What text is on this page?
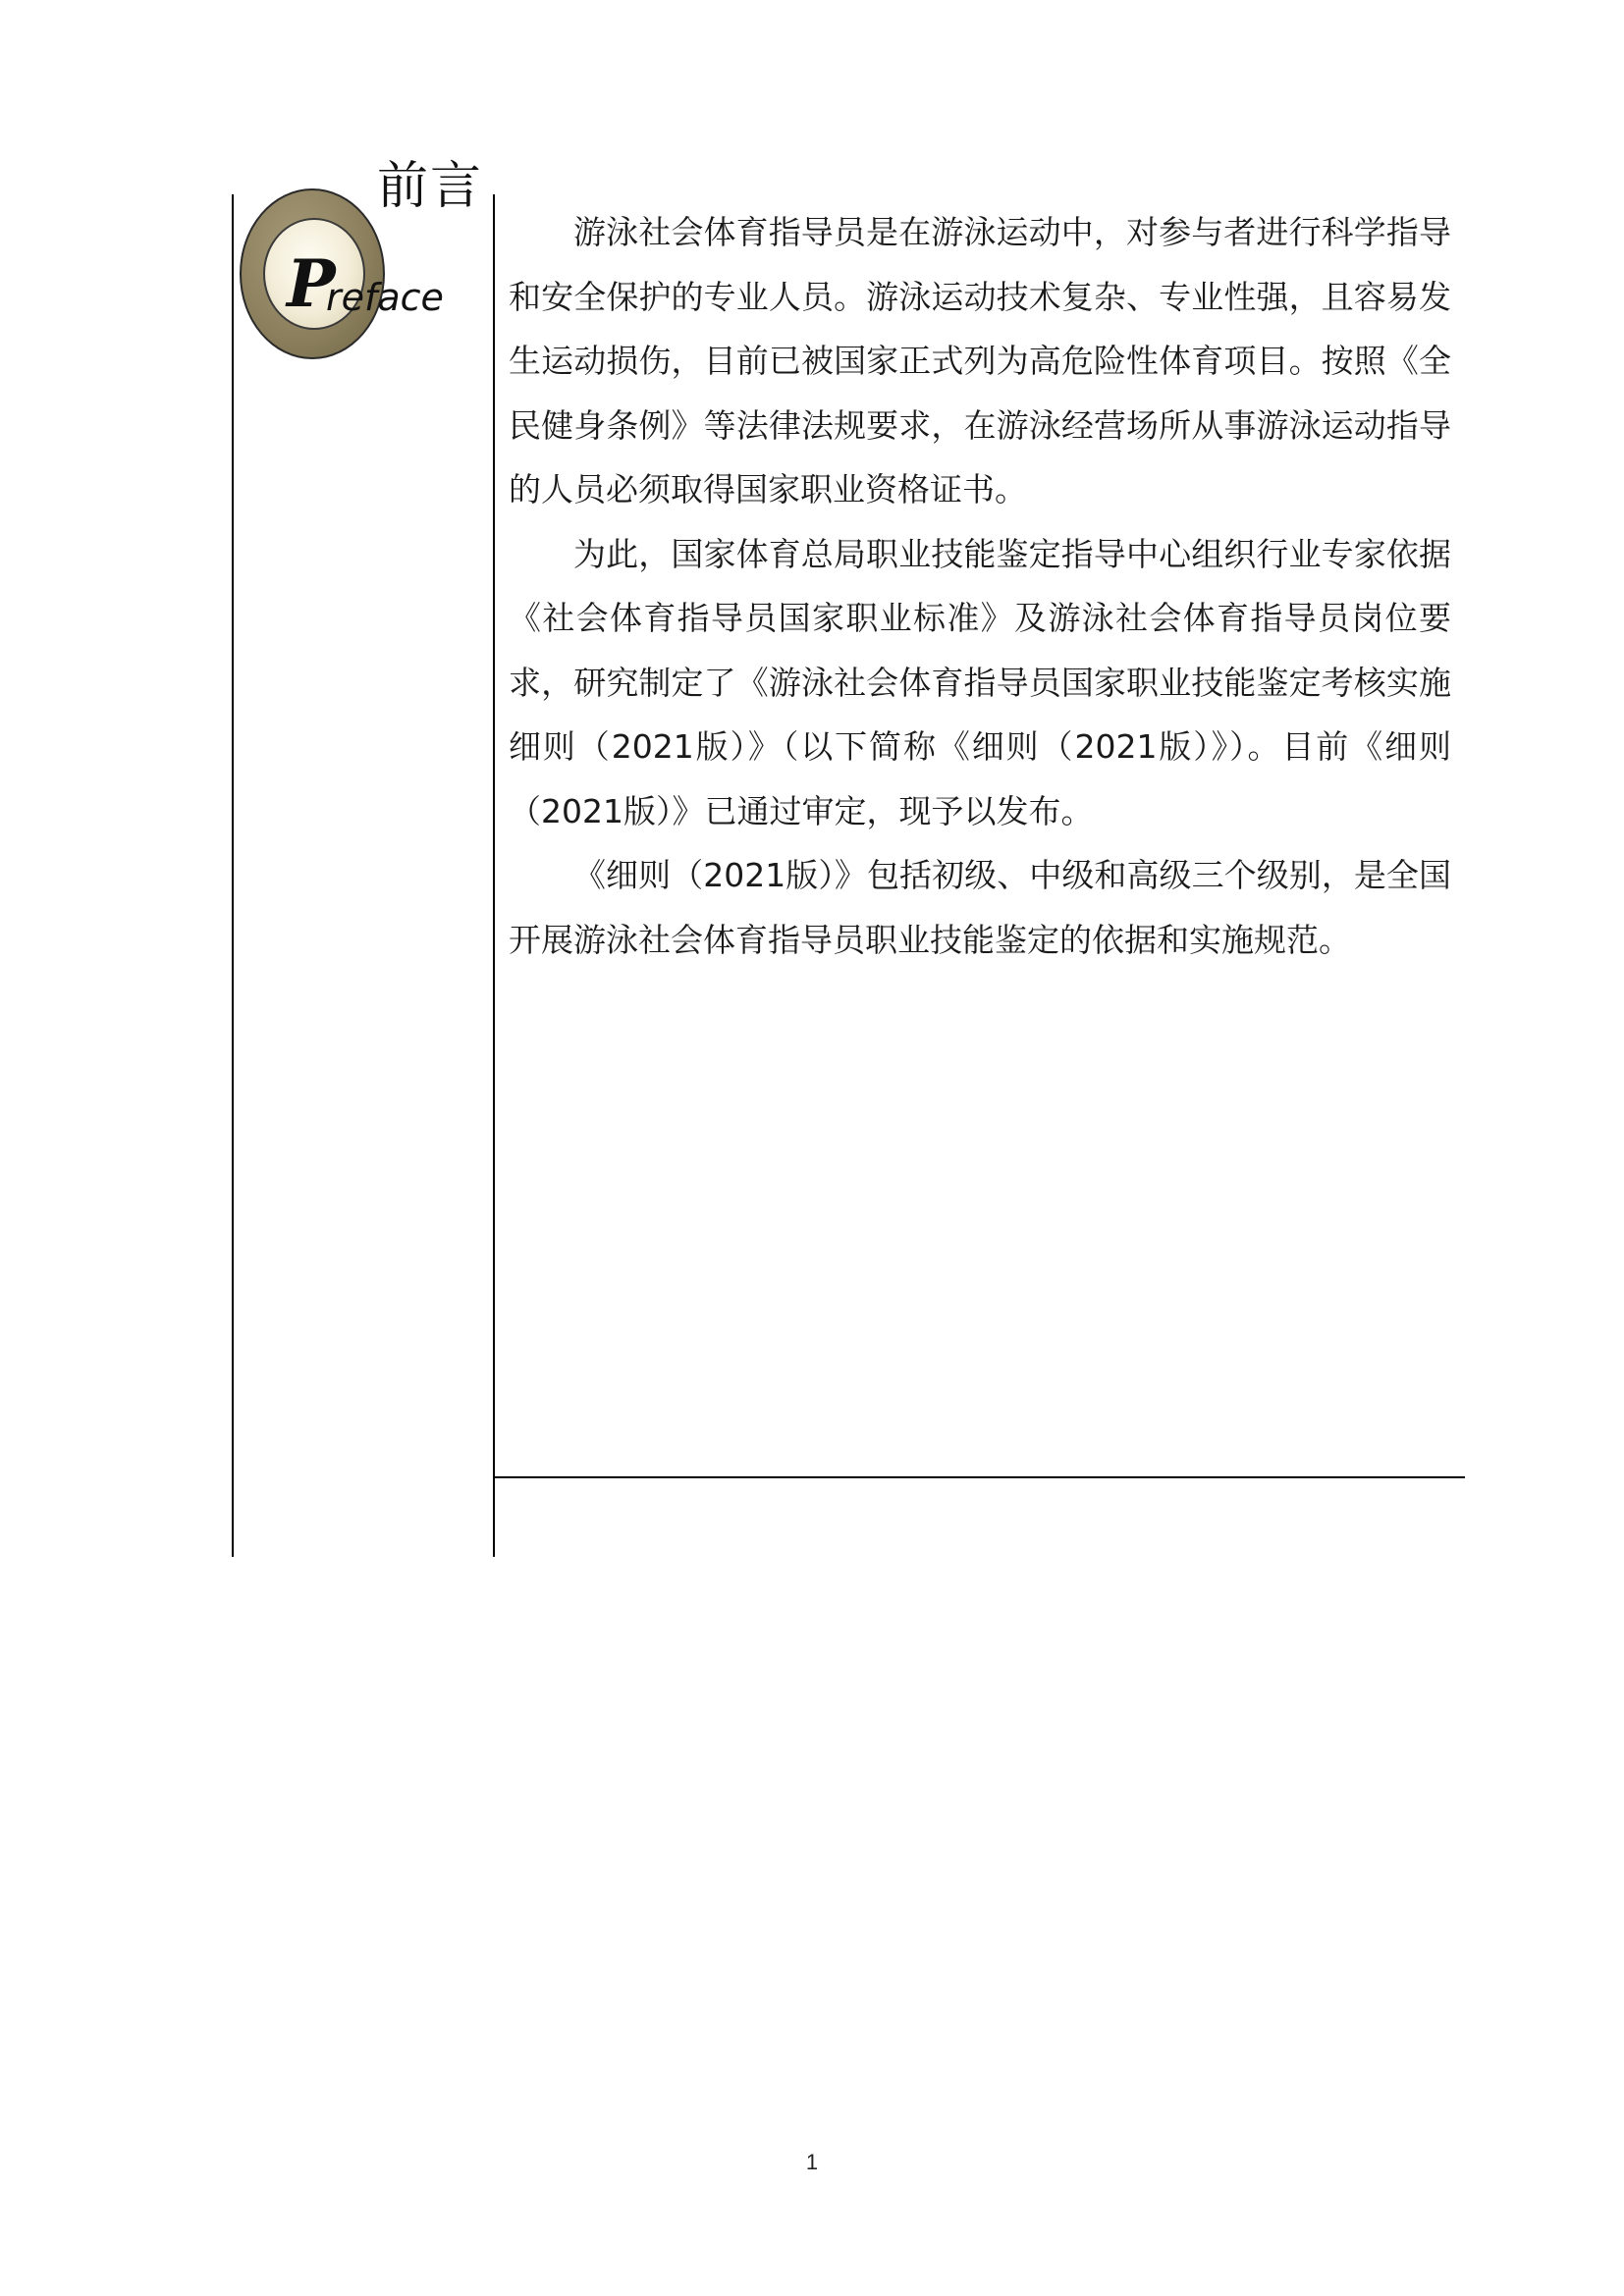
前言
P
reface

游泳社会体育指导员是在游泳运动中，对参与者进行科学指导和安全保护的专业人员。游泳运动技术复杂、专业性强，且容易发生运动损伤，目前已被国家正式列为高危险性体育项目。按照《全民健身条例》等法律法规要求，在游泳经营场所从事游泳运动指导的人员必须取得国家职业资格证书。

为此，国家体育总局职业技能鉴定指导中心组织行业专家依据《社会体育指导员国家职业标准》及游泳社会体育指导员岗位要求，研究制定了《游泳社会体育指导员国家职业技能鉴定考核实施细则（2021版）》（以下简称《细则（2021版）》）。目前《细则（2021版）》已通过审定，现予以发布。

《细则（2021版）》包括初级、中级和高级三个级别，是全国开展游泳社会体育指导员职业技能鉴定的依据和实施规范。

1
